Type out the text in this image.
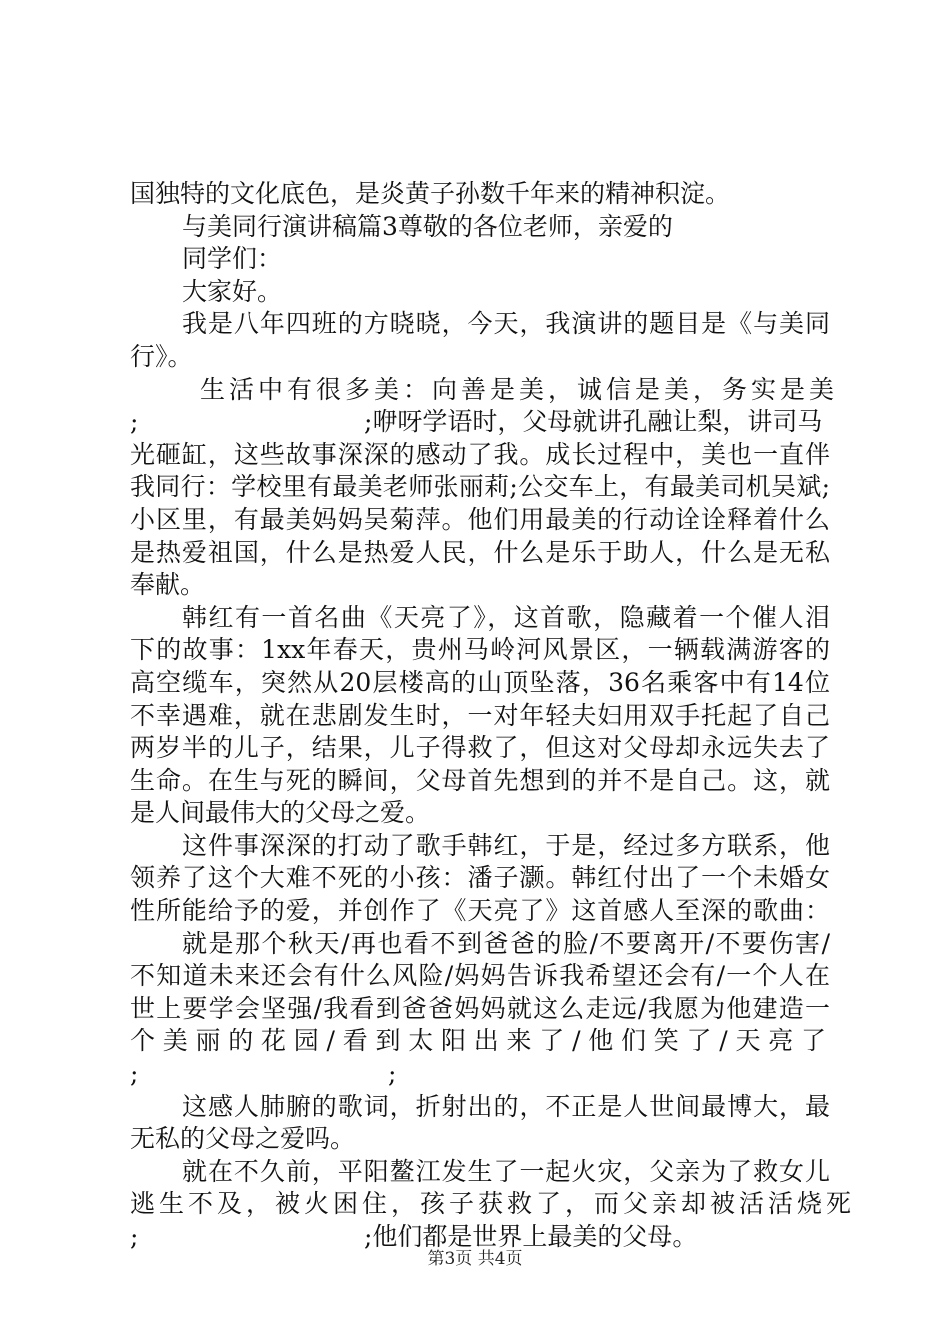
国独特的文化底色，是炎黄子孙数千年来的精神积淀。
与美同行演讲稿篇3尊敬的各位老师，亲爱的
同学们：
大家好。
我是八年四班的方晓晓，今天，我演讲的题目是《与美同
行》。
生活中有很多美：向善是美，诚信是美，务实是美
;	;咿呀学语时，父母就讲孔融让梨，讲司马
光砸缸，这些故事深深的感动了我。成长过程中，美也一直伴
我同行：学校里有最美老师张丽莉;公交车上，有最美司机吴斌;
小区里，有最美妈妈吴菊萍。他们用最美的行动诠诠释着什么
是热爱祖国，什么是热爱人民，什么是乐于助人，什么是无私
奉献。
韩红有一首名曲《天亮了》，这首歌，隐藏着一个催人泪
下的故事：1xx年春天，贵州马岭河风景区，一辆载满游客的
高空缆车，突然从20层楼高的山顶坠落，36名乘客中有14位
不幸遇难，就在悲剧发生时，一对年轻夫妇用双手托起了自己
两岁半的儿子，结果，儿子得救了，但这对父母却永远失去了
生命。在生与死的瞬间，父母首先想到的并不是自己。这，就
是人间最伟大的父母之爱。
这件事深深的打动了歌手韩红，于是，经过多方联系，他
领养了这个大难不死的小孩：潘子灏。韩红付出了一个未婚女
性所能给予的爱，并创作了《天亮了》这首感人至深的歌曲：
就是那个秋天/再也看不到爸爸的脸/不要离开/不要伤害/
不知道未来还会有什么风险/妈妈告诉我希望还会有/一个人在
世上要学会坚强/我看到爸爸妈妈就这么走远/我愿为他建造一
个美丽的花园/看到太阳出来了/他们笑了/天亮了
;	;
这感人肺腑的歌词，折射出的，不正是人世间最博大，最
无私的父母之爱吗。
就在不久前，平阳鳌江发生了一起火灾，父亲为了救女儿
逃生不及，被火困住，孩子获救了，而父亲却被活活烧死
;	;他们都是世界上最美的父母。
第3页 共4页
